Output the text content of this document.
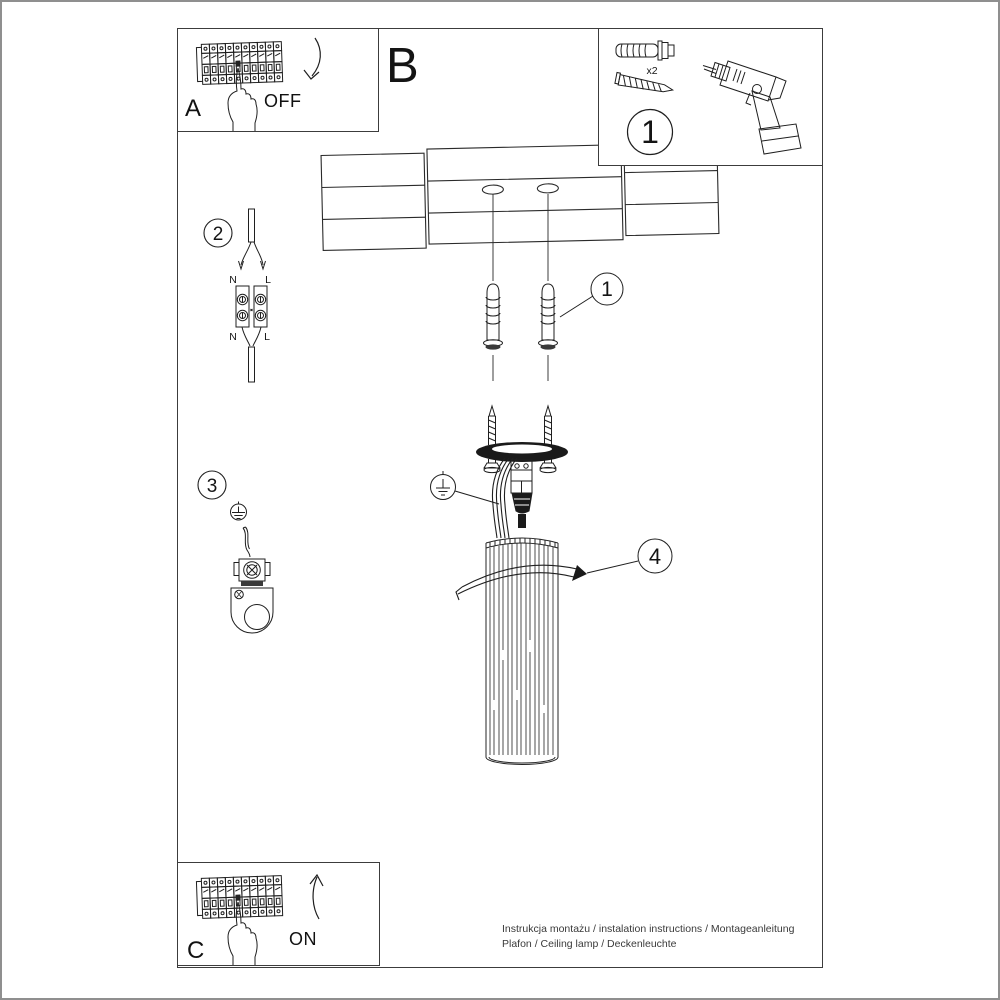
1
4
2
N	L
N	L
3
B
A	OFF
x2
1
C	ON	Instrukcja montażu / instalation instructions / Montageanleitung
Plafon / Ceiling lamp / Deckenleuchte
